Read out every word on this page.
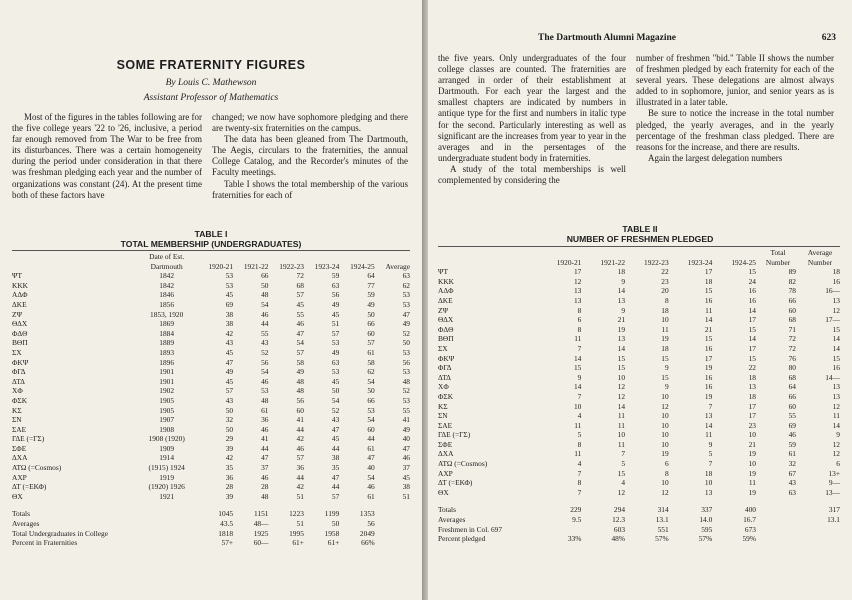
SOME FRATERNITY FIGURES
By Louis C. Mathewson
Assistant Professor of Mathematics

Most of the figures in the tables following are for the five college years '22 to '26, inclusive, a period far enough removed from The War to be free from its disturbances. There was a certain homogeneity during the period under consideration in that there was freshman pledging each year and the number of organizations was constant (24). At the present time both of these factors have

changed; we now have sophomore pledging and there are twenty-six fraternities on the campus.

The data has been gleaned from The Dartmouth, The Aegis, circulars to the fraternities, the annual College Catalog, and the Recorder's minutes of the Faculty meetings.

Table I shows the total membership of the various fraternities for each of

TABLE I
TOTAL MEMBERSHIP (UNDERGRADUATES)
	Date of Est. Dartmouth	1920-21	1921-22	1922-23	1923-24	1924-25	Average
ΨΤ	1842	53	66	72	59	64	63
ΚΚΚ	1842	53	50	68	63	77	62
ΑΔΦ	1846	45	48	57	56	59	53
ΔΚΕ	1856	69	54	45	49	49	53
ΖΨ	1853, 1920	38	46	55	45	50	47
ΘΔΧ	1869	38	44	46	51	66	49
ΦΔΘ	1884	42	55	47	57	60	52
ΒΘΠ	1889	43	43	54	53	57	50
ΣΧ	1893	45	52	57	49	61	53
ΦΚΨ	1896	47	56	58	63	58	56
ΦΓΔ	1901	49	54	49	53	62	53
ΔΤΔ	1901	45	46	48	45	54	48
ΧΦ	1902	57	53	48	50	50	52
ΦΣΚ	1905	43	48	56	54	66	53
ΚΣ	1905	50	61	60	52	53	55
ΣΝ	1907	32	36	41	43	54	41
ΣΑΕ	1908	50	46	44	47	60	49
ΓΔΕ (=ΓΣ)	1908 (1920)	29	41	42	45	44	40
ΣΦΕ	1909	39	44	46	44	61	47
ΔΧΑ	1914	42	47	57	38	47	46
ΑΤΩ (=Cosmos)	(1915) 1924	35	37	36	35	40	37
ΑΧΡ	1919	36	46	44	47	54	45
ΔΤ (=ΕΚΦ)	(1920) 1926	28	28	42	44	46	38
ΘΧ	1921	39	48	51	57	61	51

Totals		1045	1151	1223	1199	1353	
Averages		43.5	48—	51	50	56	
Total Undergraduates in College		1818	1925	1995	1958	2049	
Percent in Fraternities		57+	60—	61+	61+	66%	
The Dartmouth Alumni Magazine	623

the five years. Only undergraduates of the four college classes are counted. The fraternities are arranged in order of their establishment at Dartmouth. For each year the largest and the smallest chapters are indicated by numbers in antique type for the first and numbers in italic type for the second. Particularly interesting as well as significant are the increases from year to year in the averages and in the persentages of the undergraduate student body in fraternities.

A study of the total memberships is well complemented by considering the

number of freshmen "bid." Table II shows the number of freshmen pledged by each fraternity for each of the several years. These delegations are almost always added to in sophomore, junior, and senior years as is illustrated in a later table.

Be sure to notice the increase in the total number pledged, the yearly averages, and in the yearly percentage of the freshman class pledged. There are reasons for the increase, and there are results.

Again the largest delegation numbers

TABLE II
NUMBER OF FRESHMEN PLEDGED
	1920-21	1921-22	1922-23	1923-24	1924-25	Total Number	Average Number
ΨΤ	17	18	22	17	15	89	18
ΚΚΚ	12	9	23	18	24	82	16
ΑΔΦ	13	14	20	15	16	78	16—
ΔΚΕ	13	13	8	16	16	66	13
ΖΨ	8	9	18	11	14	60	12
ΘΔΧ	6	21	10	14	17	68	17—
ΦΔΘ	8	19	11	21	15	71	15
ΒΘΠ	11	13	19	15	14	72	14
ΣΧ	7	14	18	16	17	72	14
ΦΚΨ	14	15	15	17	15	76	15
ΦΓΔ	15	15	9	19	22	80	16
ΔΤΔ	9	10	15	16	18	68	14—
ΧΦ	14	12	9	16	13	64	13
ΦΣΚ	7	12	10	19	18	66	13
ΚΣ	10	14	12	7	17	60	12
ΣΝ	4	11	10	13	17	55	11
ΣΑΕ	11	11	10	14	23	69	14
ΓΔΕ (=ΓΣ)	5	10	10	11	10	46	9
ΣΦΕ	8	11	10	9	21	59	12
ΔΧΑ	11	7	19	5	19	61	12
ΑΤΩ (=Cosmos)	4	5	6	7	10	32	6
ΑΧΡ	7	15	8	18	19	67	13+
ΔΤ (=ΕΚΦ)	8	4	10	10	11	43	9—
ΘΧ	7	12	12	13	19	63	13—

Totals	229	294	314	337	400		317
Averages	9.5	12.3	13.1	14.0	16.7		13.1
Freshmen in Col. 697		603	551	595	673		
Percent pledged	33%	48%	57%	57%	59%		
